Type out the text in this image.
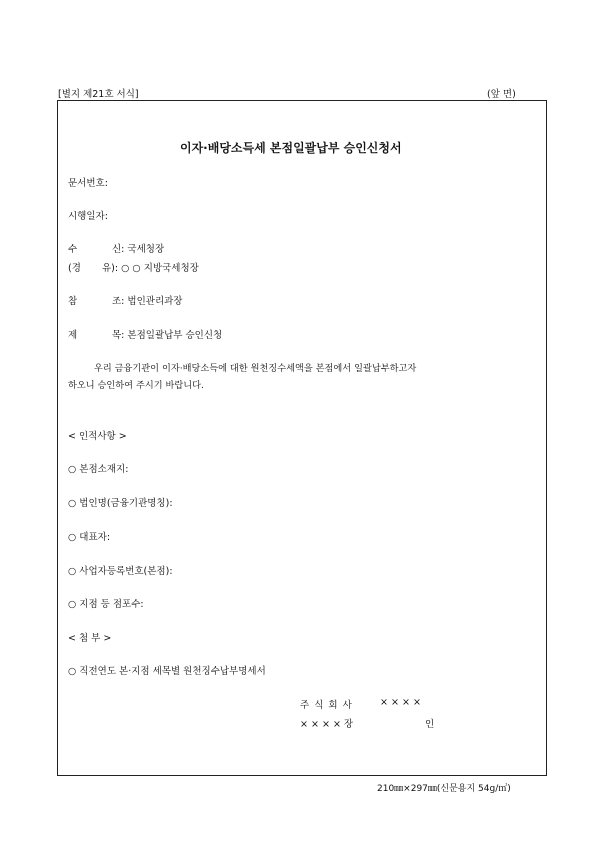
[별지 제21호 서식]	(앞 면)
이자·배당소득세 본점일괄납부 승인신청서
문서번호:
시행일자:
수	신: 국세청장
(경 유): ○ ○ 지방국세청장
참	조: 법인관리과장
제	목: 본점일괄납부 승인신청
우리 금융기관이 이자·배당소득에 대한 원천징수세액을 본점에서 일괄납부하고자
하오니 승인하여 주시기 바랍니다.
< 인적사항 >
○ 본점소재지:
○ 법인명(금융기관명칭):
○ 대표자:
○ 사업자등록번호(본점):
○ 지점 등 점포수:
< 첨 부 >
○ 직전연도 본·지점 세목별 원천징수납부명세서
주 식 회 사	× × × ×
× × × × 장	인
210㎜×297㎜(신문용지 54g/㎡)
